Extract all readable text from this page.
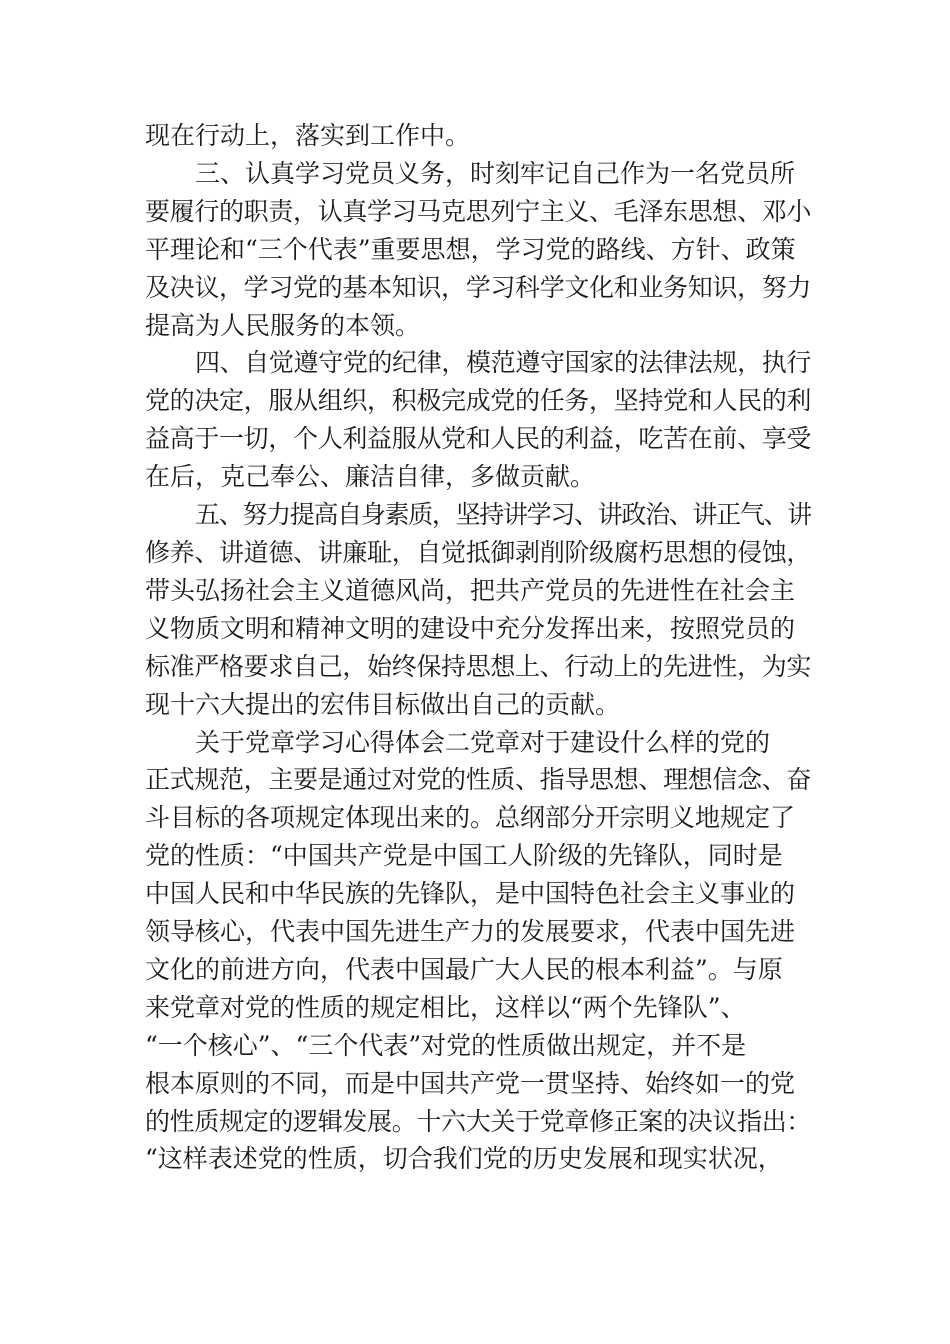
现在行动上，落实到工作中。
三、认真学习党员义务，时刻牢记自己作为一名党员所
要履行的职责，认真学习马克思列宁主义、毛泽东思想、邓小
平理论和“三个代表”重要思想，学习党的路线、方针、政策
及决议，学习党的基本知识，学习科学文化和业务知识，努力
提高为人民服务的本领。
四、自觉遵守党的纪律，模范遵守国家的法律法规，执行
党的决定，服从组织，积极完成党的任务，坚持党和人民的利
益高于一切，个人利益服从党和人民的利益，吃苦在前、享受
在后，克己奉公、廉洁自律，多做贡献。
五、努力提高自身素质，坚持讲学习、讲政治、讲正气、讲
修养、讲道德、讲廉耻，自觉抵御剥削阶级腐朽思想的侵蚀，
带头弘扬社会主义道德风尚，把共产党员的先进性在社会主
义物质文明和精神文明的建设中充分发挥出来，按照党员的
标准严格要求自己，始终保持思想上、行动上的先进性，为实
现十六大提出的宏伟目标做出自己的贡献。
关于党章学习心得体会二党章对于建设什么样的党的
正式规范，主要是通过对党的性质、指导思想、理想信念、奋
斗目标的各项规定体现出来的。总纲部分开宗明义地规定了
党的性质：“中国共产党是中国工人阶级的先锋队，同时是
中国人民和中华民族的先锋队，是中国特色社会主义事业的
领导核心，代表中国先进生产力的发展要求，代表中国先进
文化的前进方向，代表中国最广大人民的根本利益”。与原
来党章对党的性质的规定相比，这样以“两个先锋队”、
“一个核心”、“三个代表”对党的性质做出规定，并不是
根本原则的不同，而是中国共产党一贯坚持、始终如一的党
的性质规定的逻辑发展。十六大关于党章修正案的决议指出：
“这样表述党的性质，切合我们党的历史发展和现实状况，
